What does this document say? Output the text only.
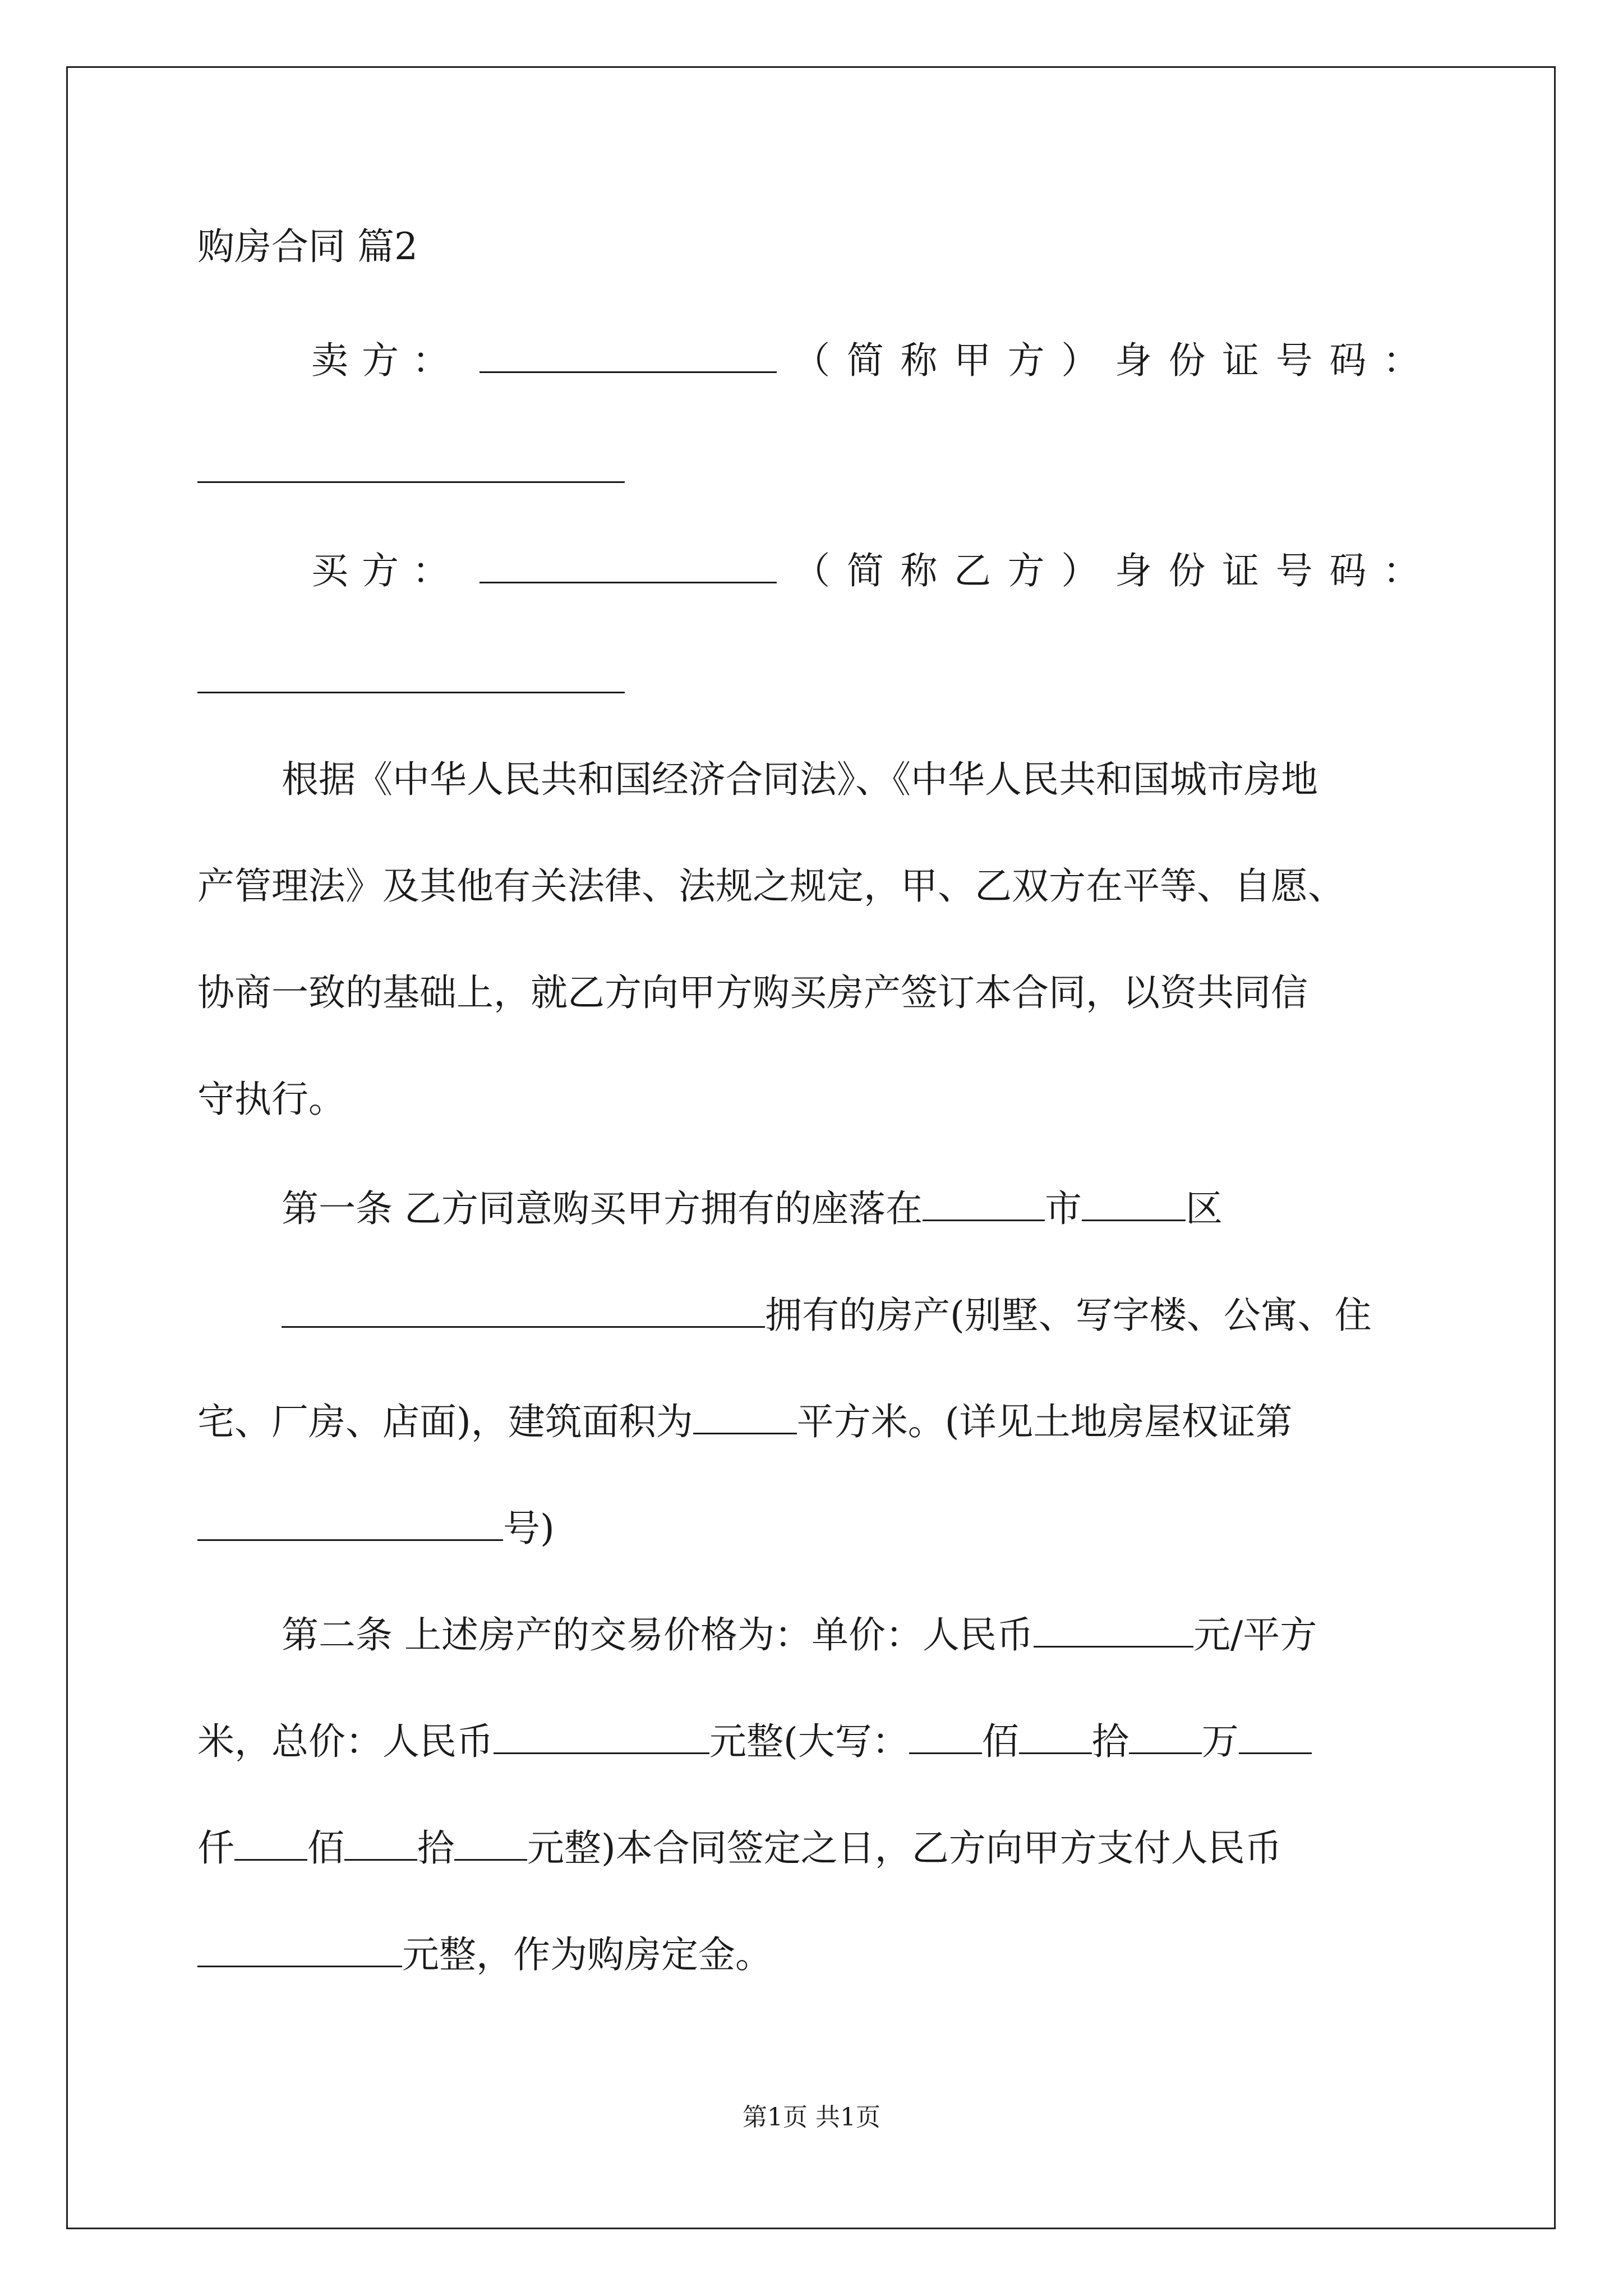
购房合同 篇2
卖方：	（ 简 称 甲 方 ） 身 份 证 号 码 ：
买方：	（ 简 称 乙 方 ） 身 份 证 号 码 ：
根据《中华人民共和国经济合同法》、《中华人民共和国城市房地
产管理法》及其他有关法律、法规之规定，甲、乙双方在平等、自愿、
协商一致的基础上，就乙方向甲方购买房产签订本合同，以资共同信
守执行。
第一条 乙方同意购买甲方拥有的座落在	市	区
拥有的房产(别墅、写字楼、公寓、住
宅、厂房、店面)，建筑面积为	平方米。(详见土地房屋权证第
号)
第二条 上述房产的交易价格为：单价：人民币	元/平方
米，总价：人民币	元整(大写： 佰 拾 万
仟 佰 拾 元整)本合同签定之日，乙方向甲方支付人民币
元整，作为购房定金。
第1页 共1页
